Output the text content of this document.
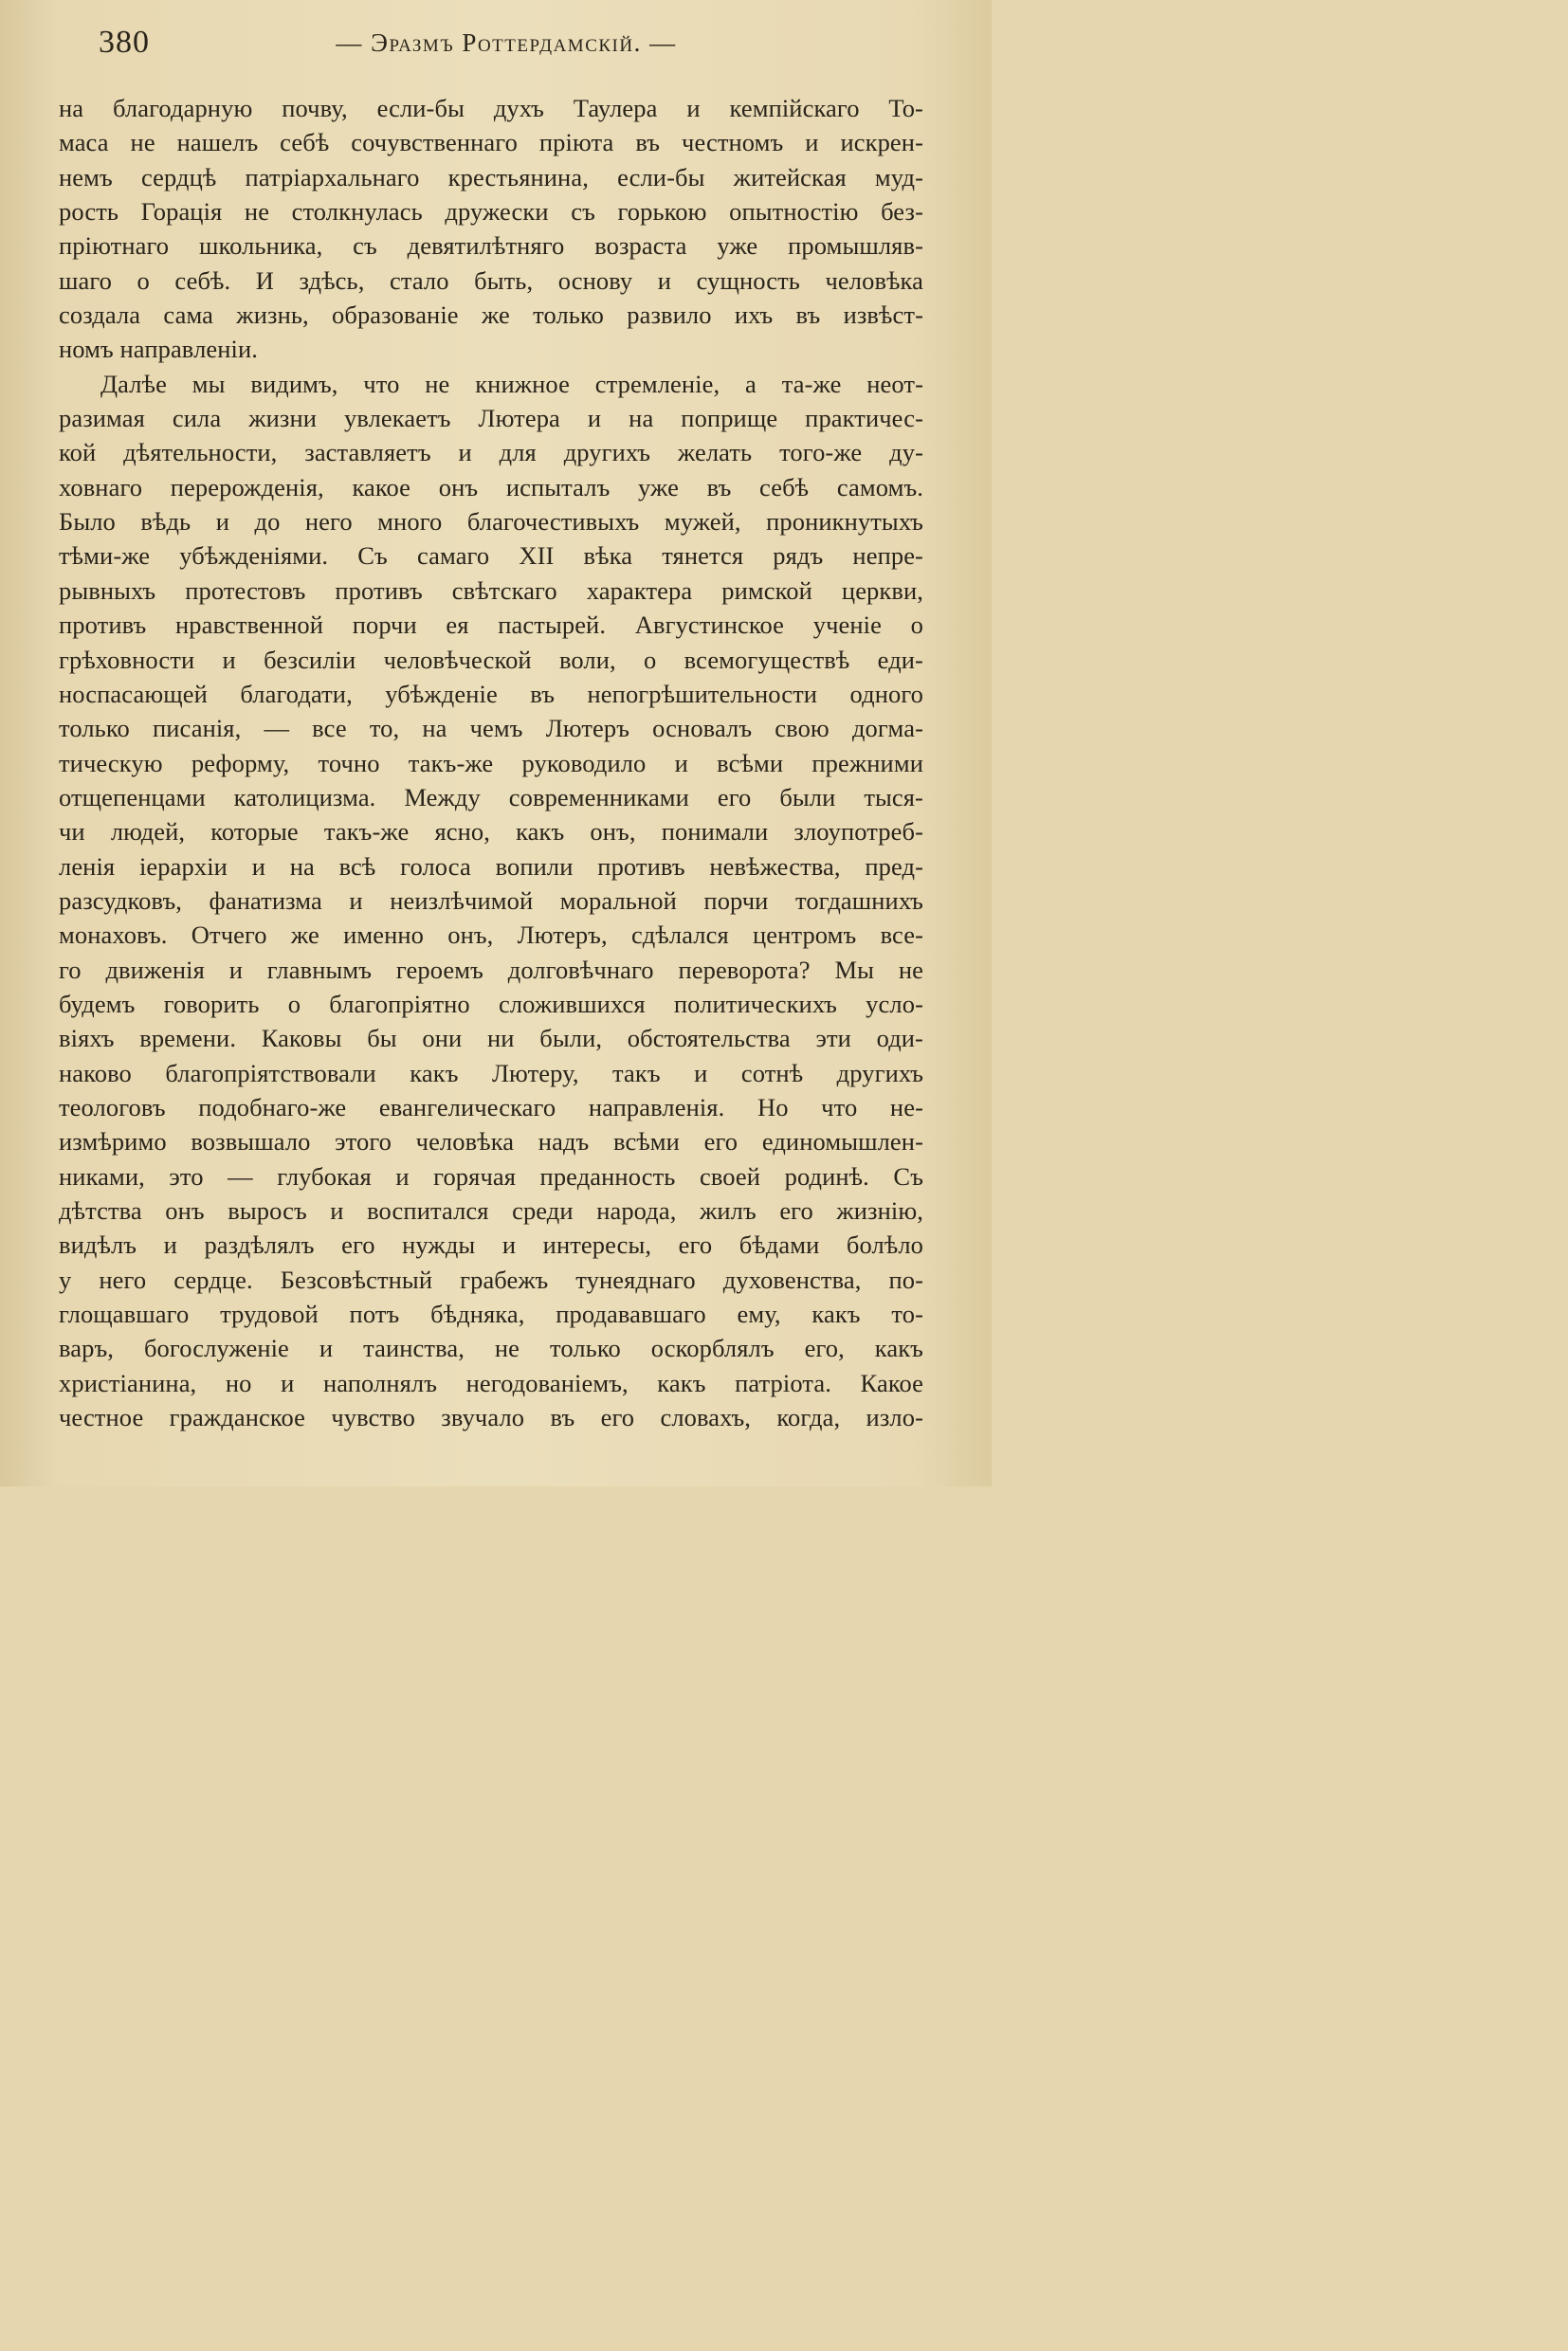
380	— Эразмъ Роттердамскій. —
на благодарную почву, если-бы духъ Таулера и кемпійскаго То-
маса не нашелъ себѣ сочувственнаго пріюта въ честномъ и искрен-
немъ сердцѣ патріархальнаго крестьянина, если-бы житейская муд-
рость Горація не столкнулась дружески съ горькою опытностію без-
пріютнаго школьника, съ девятилѣтняго возраста уже промышляв-
шаго о себѣ. И здѣсь, стало быть, основу и сущность человѣка
создала сама жизнь, образованіе же только развило ихъ въ извѣст-
номъ направленіи.
Далѣе мы видимъ, что не книжное стремленіе, а та-же неот-
разимая сила жизни увлекаетъ Лютера и на поприще практичес-
кой дѣятельности, заставляетъ и для другихъ желать того-же ду-
ховнаго перерожденія, какое онъ испыталъ уже въ себѣ самомъ.
Было вѣдь и до него много благочестивыхъ мужей, проникнутыхъ
тѣми-же убѣжденіями. Съ самаго XII вѣка тянется рядъ непре-
рывныхъ протестовъ противъ свѣтскаго характера римской церкви,
противъ нравственной порчи ея пастырей. Августинское ученіе о
грѣховности и безсиліи человѣческой воли, о всемогуществѣ еди-
носпасающей благодати, убѣжденіе въ непогрѣшительности одного
только писанія, — все то, на чемъ Лютеръ основалъ свою догма-
тическую реформу, точно такъ-же руководило и всѣми прежними
отщепенцами католицизма. Между современниками его были тыся-
чи людей, которые такъ-же ясно, какъ онъ, понимали злоупотреб-
ленія іерархіи и на всѣ голоса вопили противъ невѣжества, пред-
разсудковъ, фанатизма и неизлѣчимой моральной порчи тогдашнихъ
монаховъ. Отчего же именно онъ, Лютеръ, сдѣлался центромъ все-
го движенія и главнымъ героемъ долговѣчнаго переворота? Мы не
будемъ говорить о благопріятно сложившихся политическихъ усло-
віяхъ времени. Каковы бы они ни были, обстоятельства эти оди-
наково благопріятствовали какъ Лютеру, такъ и сотнѣ другихъ
теологовъ подобнаго-же евангелическаго направленія. Но что не-
измѣримо возвышало этого человѣка надъ всѣми его единомышлен-
никами, это — глубокая и горячая преданность своей родинѣ. Съ
дѣтства онъ выросъ и воспитался среди народа, жилъ его жизнію,
видѣлъ и раздѣлялъ его нужды и интересы, его бѣдами болѣло
у него сердце. Безсовѣстный грабежъ тунеяднаго духовенства, по-
глощавшаго трудовой потъ бѣдняка, продававшаго ему, какъ то-
варъ, богослуженіе и таинства, не только оскорблялъ его, какъ
христіанина, но и наполнялъ негодованіемъ, какъ патріота. Какое
честное гражданское чувство звучало въ его словахъ, когда, изло-
